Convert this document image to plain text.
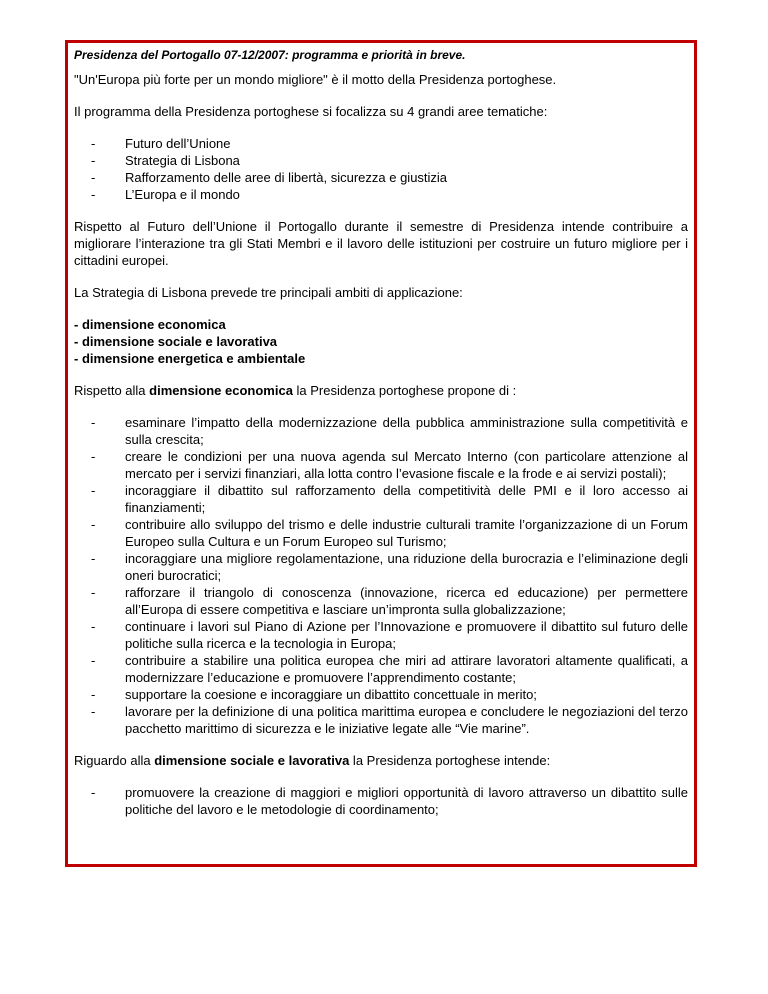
Presidenza del Portogallo 07-12/2007: programma e priorità in breve.

"Un'Europa più forte per un mondo migliore" è il motto della Presidenza portoghese.

Il programma della Presidenza portoghese si focalizza su 4 grandi aree tematiche:

- Futuro dell’Unione
- Strategia di Lisbona
- Rafforzamento delle aree di libertà, sicurezza e giustizia
- L’Europa e il mondo

Rispetto al Futuro dell’Unione il Portogallo durante il semestre di Presidenza intende contribuire a migliorare l’interazione tra gli Stati Membri e il lavoro delle istituzioni per costruire un futuro migliore per i cittadini europei.

La Strategia di Lisbona prevede tre principali ambiti di applicazione:

- dimensione economica
- dimensione sociale e lavorativa
- dimensione energetica e ambientale

Rispetto alla dimensione economica la Presidenza portoghese propone di :

- esaminare l’impatto della modernizzazione della pubblica amministrazione sulla competitività e sulla crescita;
- creare le condizioni per una nuova agenda sul Mercato Interno (con particolare attenzione al mercato per i servizi finanziari, alla lotta contro l’evasione fiscale e la frode e ai servizi postali);
- incoraggiare il dibattito sul rafforzamento della competitività delle PMI e il loro accesso ai finanziamenti;
- contribuire allo sviluppo del trismo e delle industrie culturali tramite l’organizzazione di un Forum Europeo sulla Cultura e un Forum Europeo sul Turismo;
- incoraggiare una migliore regolamentazione, una riduzione della burocrazia e l’eliminazione degli oneri burocratici;
- rafforzare il triangolo di conoscenza (innovazione, ricerca ed educazione) per permettere all’Europa di essere competitiva e lasciare un’impronta sulla globalizzazione;
- continuare i lavori sul Piano di Azione per l’Innovazione e promuovere il dibattito sul futuro delle politiche sulla ricerca e la tecnologia in Europa;
- contribuire a stabilire una politica europea che miri ad attirare lavoratori altamente qualificati, a modernizzare l’educazione e promuovere l’apprendimento costante;
- supportare la coesione e incoraggiare un dibattito concettuale in merito;
- lavorare per la definizione di una politica marittima europea e concludere le negoziazioni del terzo pacchetto marittimo di sicurezza e le iniziative legate alle “Vie marine”.

Riguardo alla dimensione sociale e lavorativa la Presidenza portoghese intende:

- promuovere la creazione di maggiori e migliori opportunità di lavoro attraverso un dibattito sulle politiche del lavoro e le metodologie di coordinamento;
